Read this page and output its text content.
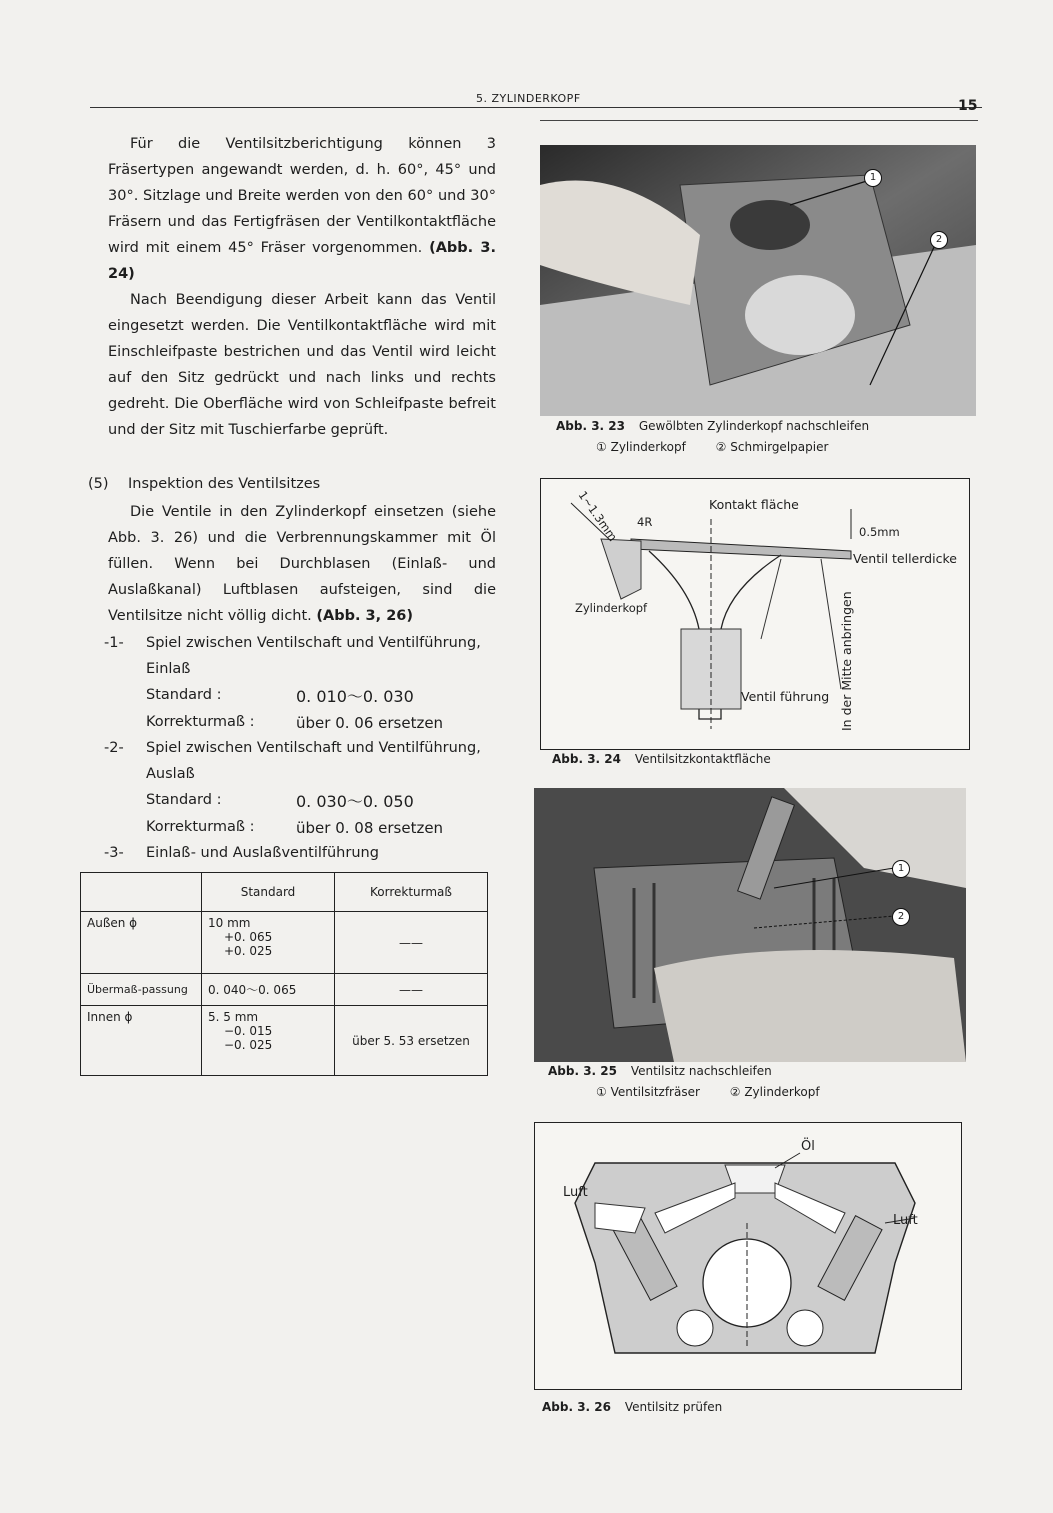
5. ZYLINDERKOPF	15
Für die Ventilsitzberichtigung können 3 Fräsertypen angewandt werden, d. h. 60°, 45° und 30°. Sitzlage und Breite werden von den 60° und 30° Fräsern und das Fertigfräsen der Ventilkontaktfläche wird mit einem 45° Fräser vorgenommen. (Abb. 3. 24)
Nach Beendigung dieser Arbeit kann das Ventil eingesetzt werden. Die Ventilkontaktfläche wird mit Einschleifpaste bestrichen und das Ventil wird leicht auf den Sitz gedrückt und nach links und rechts gedreht. Die Oberfläche wird von Schleifpaste befreit und der Sitz mit Tuschierfarbe geprüft.
(5) Inspektion des Ventilsitzes
Die Ventile in den Zylinderkopf einsetzen (siehe Abb. 3. 26) und die Verbrennungskammer mit Öl füllen. Wenn bei Durchblasen (Einlaß- und Auslaßkanal) Luftblasen aufsteigen, sind die Ventilsitze nicht völlig dicht. (Abb. 3, 26)
-1- Spiel zwischen Ventilschaft und Ventilführung,
Einlaß
Standard :	0. 010～0. 030
Korrekturmaß :	über 0. 06 ersetzen
-2- Spiel zwischen Ventilschaft und Ventilführung,
Auslaß
Standard :	0. 030～0. 050
Korrekturmaß :	über 0. 08 ersetzen
-3- Einlaß- und Auslaßventilführung
	Standard	Korrekturmaß
Außen ϕ	10 mm
+0. 065
+0. 025	——
Übermaß-passung	0. 040～0. 065	——
Innen ϕ	5. 5 mm
−0. 015
−0. 025	über 5. 53 ersetzen
1
2
Abb. 3. 23 Gewölbten Zylinderkopf nachschleifen
① Zylinderkopf ② Schmirgelpapier
1~1.3mm 4R
Kontakt fläche
0.5mm
Ventil tellerdicke
Zylinderkopf
Ventil führung In der Mitte anbringen
Abb. 3. 24 Ventilsitzkontaktfläche
1
2
Abb. 3. 25 Ventilsitz nachschleifen
① Ventilsitzfräser ② Zylinderkopf
Öl
Luft
Luft
Abb. 3. 26 Ventilsitz prüfen
